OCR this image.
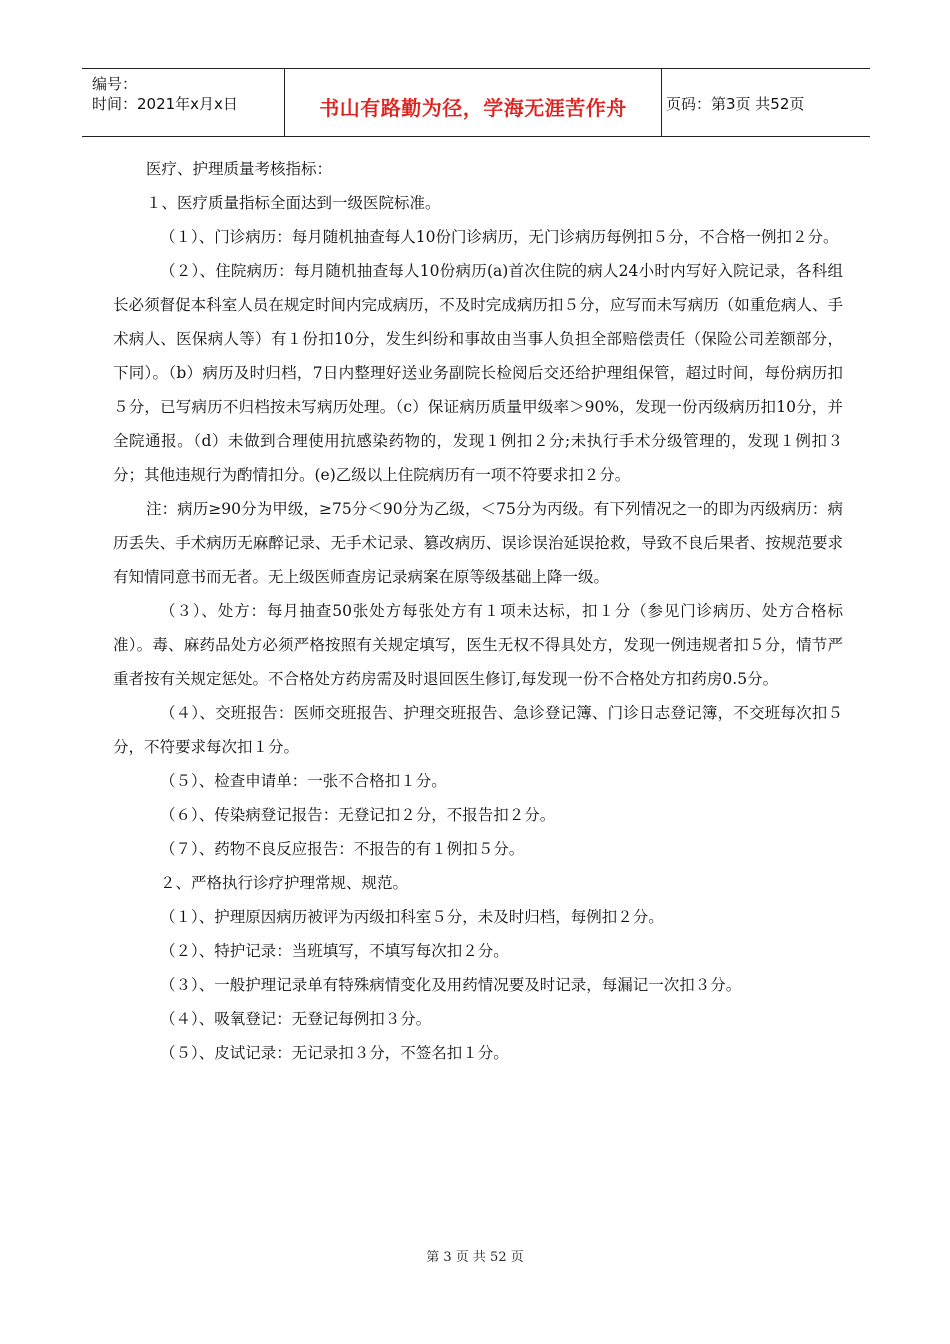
编号：
时间：2021年x月x日	书山有路勤为径，学海无涯苦作舟	页码：第3页 共52页

医疗、护理质量考核指标：

１、医疗质量指标全面达到一级医院标准。

（１）、门诊病历：每月随机抽查每人10份门诊病历，无门诊病历每例扣５分，不合格一例扣２分。

（２）、住院病历：每月随机抽查每人10份病历(a)首次住院的病人24小时内写好入院记录，各科组长必须督促本科室人员在规定时间内完成病历，不及时完成病历扣５分，应写而未写病历（如重危病人、手术病人、医保病人等）有１份扣10分，发生纠纷和事故由当事人负担全部赔偿责任（保险公司差额部分，下同）。（b）病历及时归档，7日内整理好送业务副院长检阅后交还给护理组保管，超过时间，每份病历扣５分，已写病历不归档按未写病历处理。（c）保证病历质量甲级率＞90%，发现一份丙级病历扣10分，并全院通报。（d）未做到合理使用抗感染药物的，发现１例扣２分;未执行手术分级管理的，发现１例扣３分；其他违规行为酌情扣分。(e)乙级以上住院病历有一项不符要求扣２分。

注：病历≥90分为甲级，≥75分＜90分为乙级，＜75分为丙级。有下列情况之一的即为丙级病历：病历丢失、手术病历无麻醉记录、无手术记录、篡改病历、误诊误治延误抢救，导致不良后果者、按规范要求有知情同意书而无者。无上级医师查房记录病案在原等级基础上降一级。

（３）、处方：每月抽查50张处方每张处方有１项未达标，扣１分（参见门诊病历、处方合格标准）。毒、麻药品处方必须严格按照有关规定填写，医生无权不得具处方，发现一例违规者扣５分，情节严重者按有关规定惩处。不合格处方药房需及时退回医生修订,每发现一份不合格处方扣药房0.5分。

（４）、交班报告：医师交班报告、护理交班报告、急诊登记簿、门诊日志登记簿，不交班每次扣５分，不符要求每次扣１分。

（５）、检查申请单：一张不合格扣１分。

（６）、传染病登记报告：无登记扣２分，不报告扣２分。

（７）、药物不良反应报告：不报告的有１例扣５分。

２、严格执行诊疗护理常规、规范。

（１）、护理原因病历被评为丙级扣科室５分，未及时归档，每例扣２分。

（２）、特护记录：当班填写，不填写每次扣２分。

（３）、一般护理记录单有特殊病情变化及用药情况要及时记录，每漏记一次扣３分。

（４）、吸氧登记：无登记每例扣３分。

（５）、皮试记录：无记录扣３分，不签名扣１分。

第 3 页 共 52 页
